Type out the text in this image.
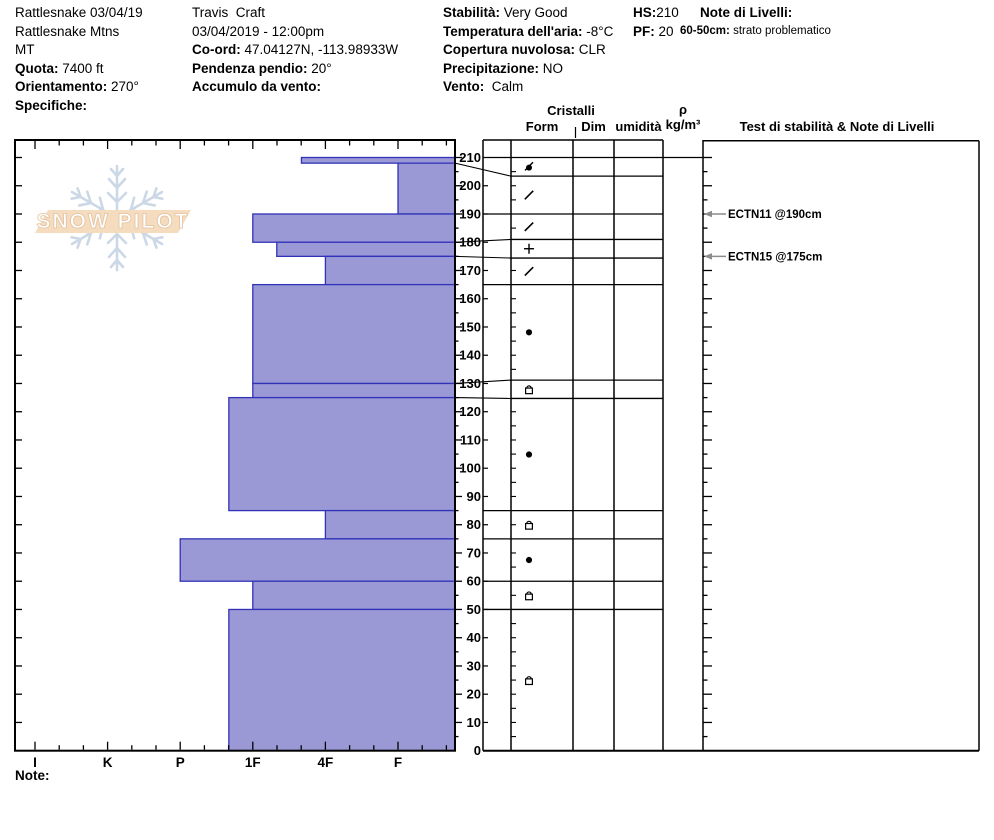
SNOW PILOT
I	K	P	1F	4F	F
0
10
20
30
40
50
60
70
80
90
100
110
120
130
140
150
160
170
180
190
200
210
ECTN11 @190cm
ECTN15 @175cm
Rattlesnake 03/04/19
Rattlesnake Mtns
MT
Quota: 7400 ft
Orientamento: 270°
Specifiche:
Travis  Craft
03/04/2019 - 12:00pm
Co-ord: 47.04127N, -113.98933W
Pendenza pendio: 20°
Accumulo da vento:
Stabilità: Very Good
Temperatura dell'aria: -8°C
Copertura nuvolosa: CLR
Precipitazione: NO
Vento:  Calm
HS:210
PF: 20
Note di Livelli:
60-50cm: strato problematico
Cristalli
Form	Dim umidità
ρ
kg/m³	Test di stabilità & Note di Livelli
Note:
